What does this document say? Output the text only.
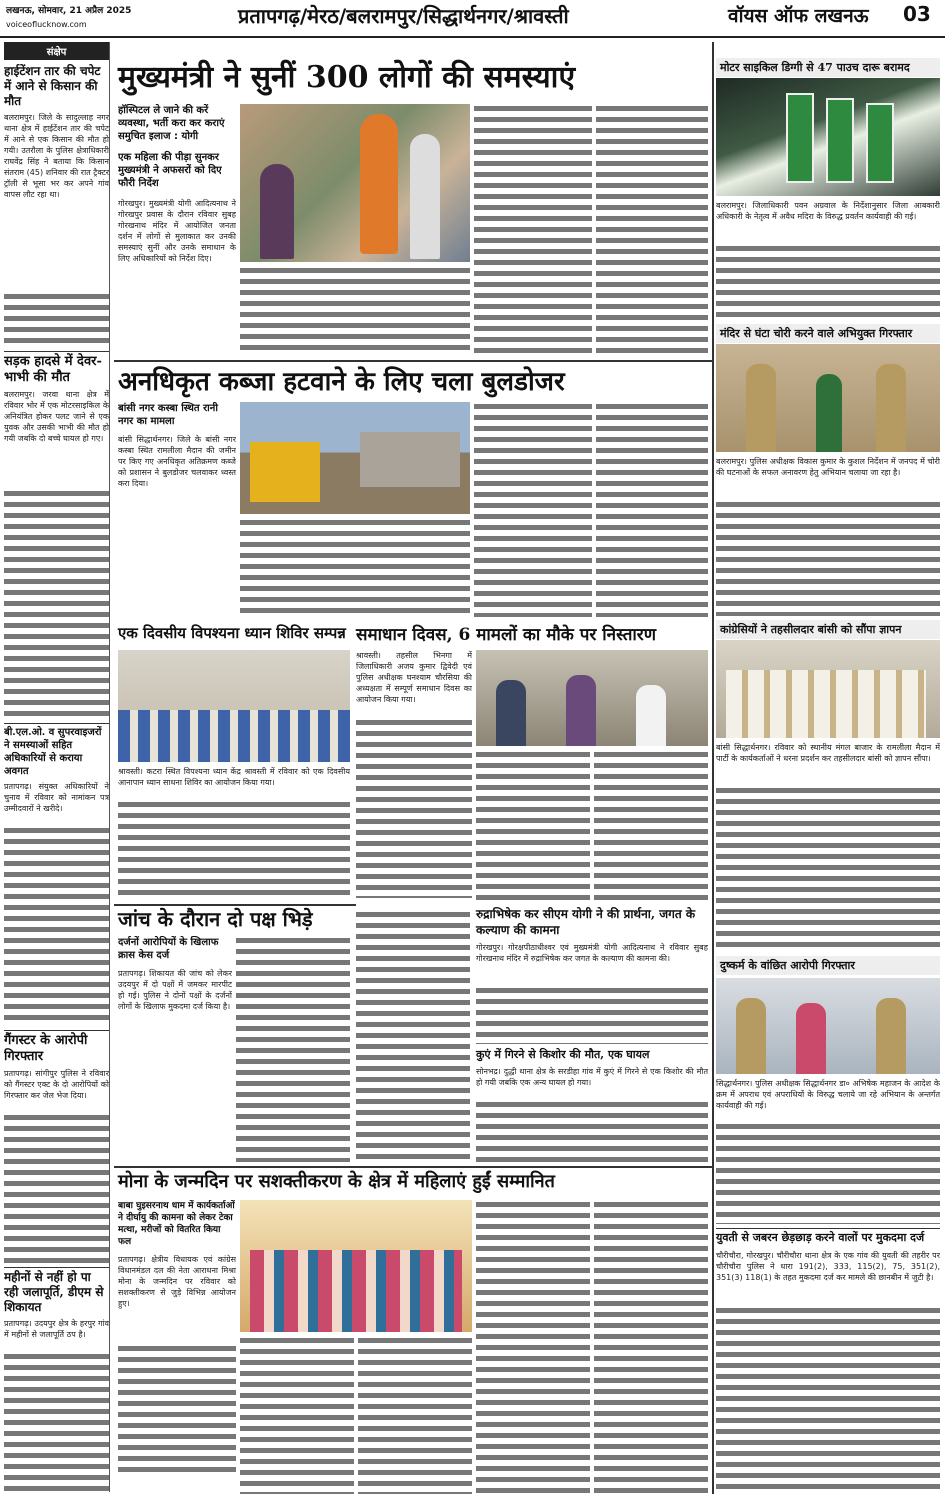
लखनऊ, सोमवार, 21 अप्रैल 2025
voiceoflucknow.com	प्रतापगढ़/मेरठ/बलरामपुर/सिद्धार्थनगर/श्रावस्ती	वॉयस ऑफ लखनऊ 03
संक्षेप
हाईटेंशन तार की चपेट में आने से किसान की मौत
बलरामपुर। जिले के सादुल्लाह नगर थाना क्षेत्र में हाईटेंशन तार की चपेट में आने से एक किसान की मौत हो गयी। उतरौला के पुलिस क्षेत्राधिकारी राघवेंद्र सिंह ने बताया कि किसान संतराम (45) शनिवार की रात ट्रैक्टर ट्रॉली से भूसा भर कर अपने गांव वापस लौट रहा था।
सड़क हादसे में देवर-भाभी की मौत
बलरामपुर। जरवा थाना क्षेत्र में रविवार भोर में एक मोटरसाइकिल के अनियंत्रित होकर पलट जाने से एक युवक और उसकी भाभी की मौत हो गयी जबकि दो बच्चे घायल हो गए।
बी.एल.ओ. व सुपरवाइजरों ने समस्याओं सहित अधिकारियों से कराया अवगत
प्रतापगढ़। संयुक्त अधिकारियों ने चुनाव में रविवार को नामांकन पत्र उम्मीदवारों ने खरीदे।
गैंगस्टर के आरोपी गिरफ्तार
प्रतापगढ़। सांगीपुर पुलिस ने रविवार को गैंगस्टर एक्ट के दो आरोपियों को गिरफ्तार कर जेल भेज दिया।
महीनों से नहीं हो पा रही जलापूर्ति, डीएम से शिकायत
प्रतापगढ़। उदयपुर क्षेत्र के हरपुर गांव में महीनों से जलापूर्ति ठप है।
मुख्यमंत्री ने सुनीं 300 लोगों की समस्याएं
हॉस्पिटल ले जाने की करें व्यवस्था, भर्ती करा कर कराएं समुचित इलाज : योगी
एक महिला की पीड़ा सुनकर मुख्यमंत्री ने अफसरों को दिए फौरी निर्देश
गोरखपुर। मुख्यमंत्री योगी आदित्यनाथ ने गोरखपुर प्रवास के दौरान रविवार सुबह गोरखनाथ मंदिर में आयोजित जनता दर्शन में लोगों से मुलाकात कर उनकी समस्याएं सुनीं और उनके समाधान के लिए अधिकारियों को निर्देश दिए।
मोटर साइकिल डिग्गी से 47 पाउच दारू बरामद
बलरामपुर। जिलाधिकारी पवन अग्रवाल के निर्देशानुसार जिला आबकारी अधिकारी के नेतृत्व में अवैध मदिरा के विरुद्ध प्रवर्तन कार्यवाही की गई।
मंदिर से घंटा चोरी करने वाले अभियुक्त गिरफ्तार
बलरामपुर। पुलिस अधीक्षक विकास कुमार के कुशल निर्देशन में जनपद में चोरी की घटनाओं के सफल अनावरण हेतु अभियान चलाया जा रहा है।
अनधिकृत कब्जा हटवाने के लिए चला बुलडोजर
बांसी नगर कस्बा स्थित रानी नगर का मामला
बांसी सिद्धार्थनगर। जिले के बांसी नगर कस्बा स्थित रामलीला मैदान की जमीन पर किए गए अनधिकृत अतिक्रमण कब्जे को प्रशासन ने बुलडोजर चलवाकर ध्वस्त करा दिया।
कांग्रेसियों ने तहसीलदार बांसी को सौंपा ज्ञापन
बांसी सिद्धार्थनगर। रविवार को स्थानीय मंगल बाजार के रामलीला मैदान में पार्टी के कार्यकर्ताओं ने धरना प्रदर्शन कर तहसीलदार बांसी को ज्ञापन सौंपा।
एक दिवसीय विपश्यना ध्यान शिविर सम्पन्न
श्रावस्ती। कटरा स्थित विपश्यना ध्यान केंद्र श्रावस्ती में रविवार को एक दिवसीय आनापान ध्यान साधना शिविर का आयोजन किया गया।
समाधान दिवस, 6 मामलों का मौके पर निस्तारण
श्रावस्ती। तहसील भिनगा में जिलाधिकारी अजय कुमार द्विवेदी एवं पुलिस अधीक्षक घनश्याम चौरसिया की अध्यक्षता में सम्पूर्ण समाधान दिवस का आयोजन किया गया।
जांच के दौरान दो पक्ष भिड़े
दर्जनों आरोपियों के खिलाफ क्रास केस दर्ज
प्रतापगढ़। शिकायत की जांच को लेकर उदयपुर में दो पक्षों में जमकर मारपीट हो गई। पुलिस ने दोनों पक्षों के दर्जनों लोगों के खिलाफ मुकदमा दर्ज किया है।
रुद्राभिषेक कर सीएम योगी ने की प्रार्थना, जगत के कल्याण की कामना
गोरखपुर। गोरक्षपीठाधीश्वर एवं मुख्यमंत्री योगी आदित्यनाथ ने रविवार सुबह गोरखनाथ मंदिर में रुद्राभिषेक कर जगत के कल्याण की कामना की।
कुएं में गिरने से किशोर की मौत, एक घायल
सोनभद्र। दुद्धी थाना क्षेत्र के सरडीहा गांव में कुएं में गिरने से एक किशोर की मौत हो गयी जबकि एक अन्य घायल हो गया।
दुष्कर्म के वांछित आरोपी गिरफ्तार
सिद्धार्थनगर। पुलिस अधीक्षक सिद्धार्थनगर डा० अभिषेक महाजन के आदेश के क्रम में अपराध एवं अपराधियों के विरुद्ध चलाये जा रहे अभियान के अन्तर्गत कार्यवाही की गई।
युवती से जबरन छेड़छाड़ करने वालों पर मुकदमा दर्ज
चौरीचौरा, गोरखपुर। चौरीचौरा थाना क्षेत्र के एक गांव की युवती की तहरीर पर चौरीचौरा पुलिस ने धारा 191(2), 333, 115(2), 75, 351(2), 351(3) 118(1) के तहत मुकदमा दर्ज कर मामले की छानबीन में जुटी है।
मोना के जन्मदिन पर सशक्तीकरण के क्षेत्र में महिलाएं हुईं सम्मानित
बाबा घुइसरनाथ धाम में कार्यकर्ताओं ने दीर्घायु की कामना को लेकर टेका मत्था, मरीजों को वितरित किया फल
प्रतापगढ़। क्षेत्रीय विधायक एवं कांग्रेस विधानमंडल दल की नेता आराधना मिश्रा मोना के जन्मदिन पर रविवार को सशक्तीकरण से जुड़े विभिन्न आयोजन हुए।
